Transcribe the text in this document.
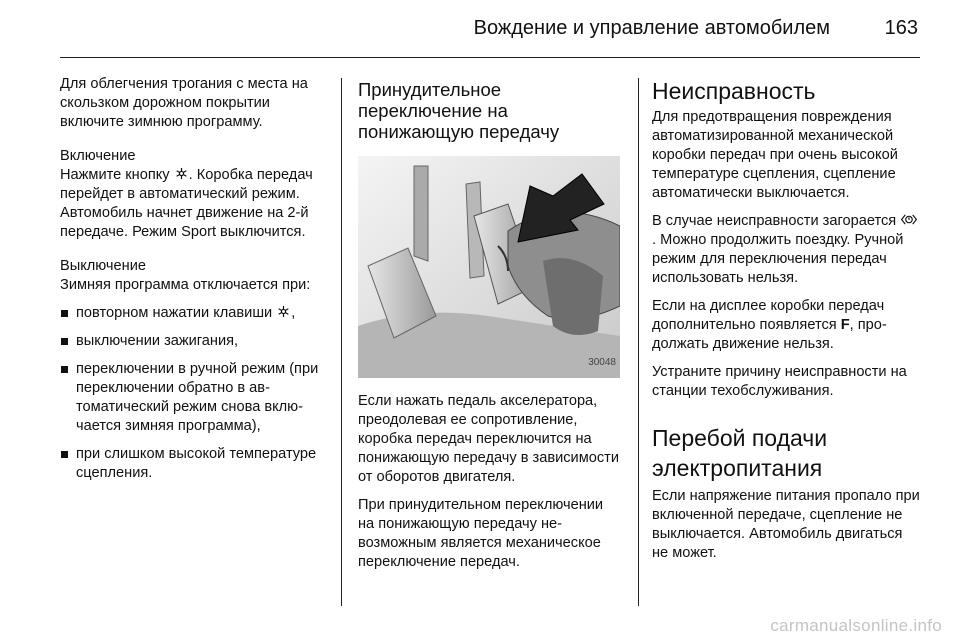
Вождение и управление автомобилем	163

Для облегчения трогания с места на скользком дорожном покрытии включите зимнюю программу.

Включение

Нажмите кнопку . Коробка передач перейдет в автоматический режим. Автомобиль начнет движение на 2-й передаче. Режим Sport выключится.

Выключение

Зимняя программа отключается при:

повторном нажатии клавиши ,
выключении зажигания,
переключении в ручной режим (при переключении обратно в автоматический режим снова включается зимняя программа),
при слишком высокой температуре сцепления.
Принудительное переключение на понижающую передачу
30048

Если нажать педаль акселератора, преодолевая ее сопротивление, коробка передач переключится на понижающую передачу в зависимости от оборотов двигателя.

При принудительном переключении на понижающую передачу невозможным является механическое переключение передач.

Неисправность

Для предотвращения повреждения автоматизированной механической коробки передач при очень высокой температуре сцепления, сцепление автоматически выключается.

В случае неисправности загорается . Можно продолжить поездку. Ручной режим для переключения передач использовать нельзя.

Если на дисплее коробки передач дополнительно появляется F, продолжать движение нельзя.

Устраните причину неисправности на станции техобслуживания.

Перебой подачи электропитания

Если напряжение питания пропало при включенной передаче, сцепление не выключается. Автомобиль двигаться не может.

carmanualsonline.info
